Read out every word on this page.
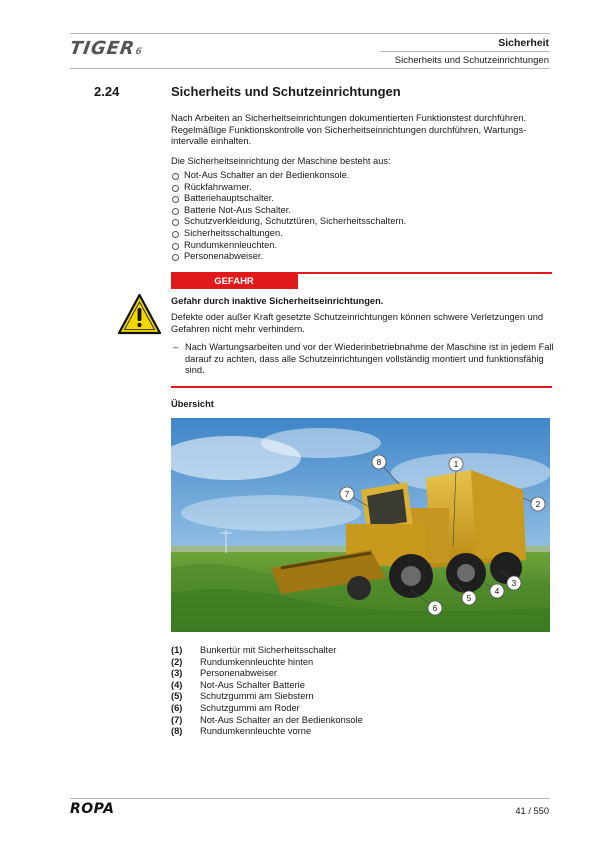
TIGER6
Sicherheit
Sicherheits und Schutzeinrichtungen
2.24	Sicherheits und Schutzeinrichtungen
Nach Arbeiten an Sicherheitseinrichtungen dokumentierten Funktionstest durchführen. Regelmäßige Funktionskontrolle von Sicherheitseinrichtungen durchführen, Wartungs-intervalle einhalten.
Die Sicherheitseinrichtung der Maschine besteht aus:
Not-Aus Schalter an der Bedienkonsole.
Rückfahrwarner.
Batteriehauptschalter.
Batterie Not-Aus Schalter.
Schutzverkleidung, Schutztüren, Sicherheitsschaltern.
Sicherheitsschaltungen.
Rundumkennleuchten.
Personenabweiser.
GEFAHR
Gefahr durch inaktive Sicherheitseinrichtungen.
Defekte oder außer Kraft gesetzte Schutzeinrichtungen können schwere Verletzungen und Gefahren nicht mehr verhindern.
– Nach Wartungsarbeiten und vor der Wiederinbetriebnahme der Maschine ist in jedem Fall darauf zu achten, dass alle Schutzeinrichtungen vollständig montiert und funktionsfähig sind.
Übersicht
1
2
3
4
5
6
7
8
(1)	Bunkertür mit Sicherheitsschalter
(2)	Rundumkennleuchte hinten
(3)	Personenabweiser
(4)	Not-Aus Schalter Batterie
(5)	Schutzgummi am Siebstern
(6)	Schutzgummi am Roder
(7)	Not-Aus Schalter an der Bedienkonsole
(8)	Rundumkennleuchte vorne
ROPA	41 / 550
